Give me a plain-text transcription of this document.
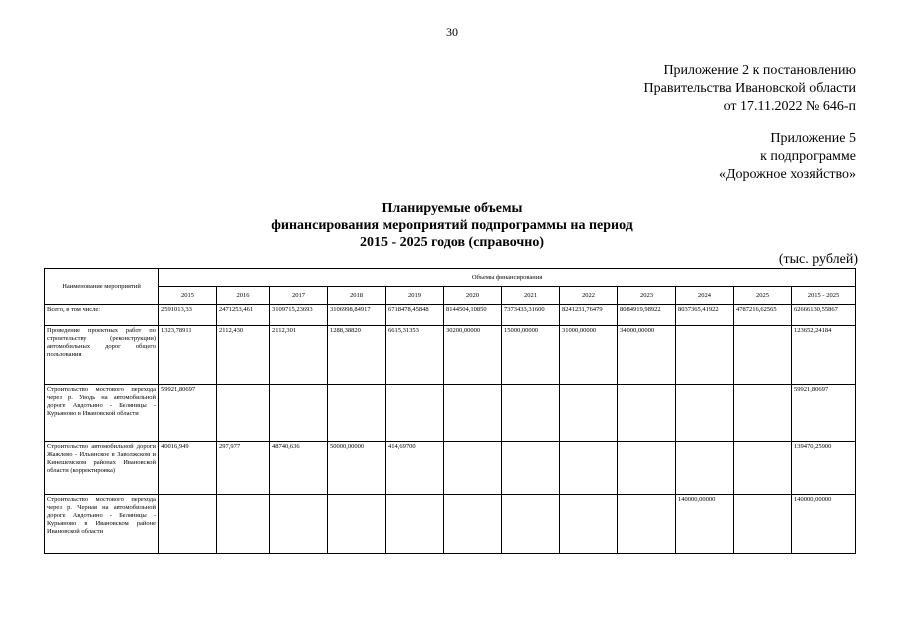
30
Приложение 2 к постановлению
Правительства Ивановской области
от 17.11.2022 № 646-п
Приложение 5
к подпрограмме
«Дорожное хозяйство»
Планируемые объемы
финансирования мероприятий подпрограммы на период
2015 - 2025 годов (справочно)
(тыс. рублей)
Наименование мероприятий	Объемы финансирования											
	2015	2016	2017	2018	2019	2020	2021	2022	2023	2024	2025	2015 - 2025
Всего, в том числе:	2591013,33	2471253,461	3109715,23693	3106998,84917	6718478,45848	8144504,10850	7373433,31600	8241231,76479	8084919,98922	8037365,41922	4787216,62565	62666130,55867
Проведение проектных работ по строительству (реконструкции) автомобильных дорог общего пользования	1323,78911	2112,430	2112,301	1288,38820	6615,31353	30200,00000	15000,00000	31000,00000	34000,00000			123652,24184
Строительство мостового перехода через р. Уводь на автомобильной дороге Авдотьино - Беляницы - Курьяново в Ивановской области	59921,80697											59921,80697
Строительство автомобильной дороги Жажлево - Ильинское в Заволжском и Кинешемском районах Ивановской области (корректировка)	40016,949	297,977	48740,636	50000,00000	414,69700							139470,25900
Строительство мостового перехода через р. Черная на автомобильной дороге Авдотьино - Беляницы - Курьяново в Ивановском районе Ивановской области										140000,00000		140000,00000
